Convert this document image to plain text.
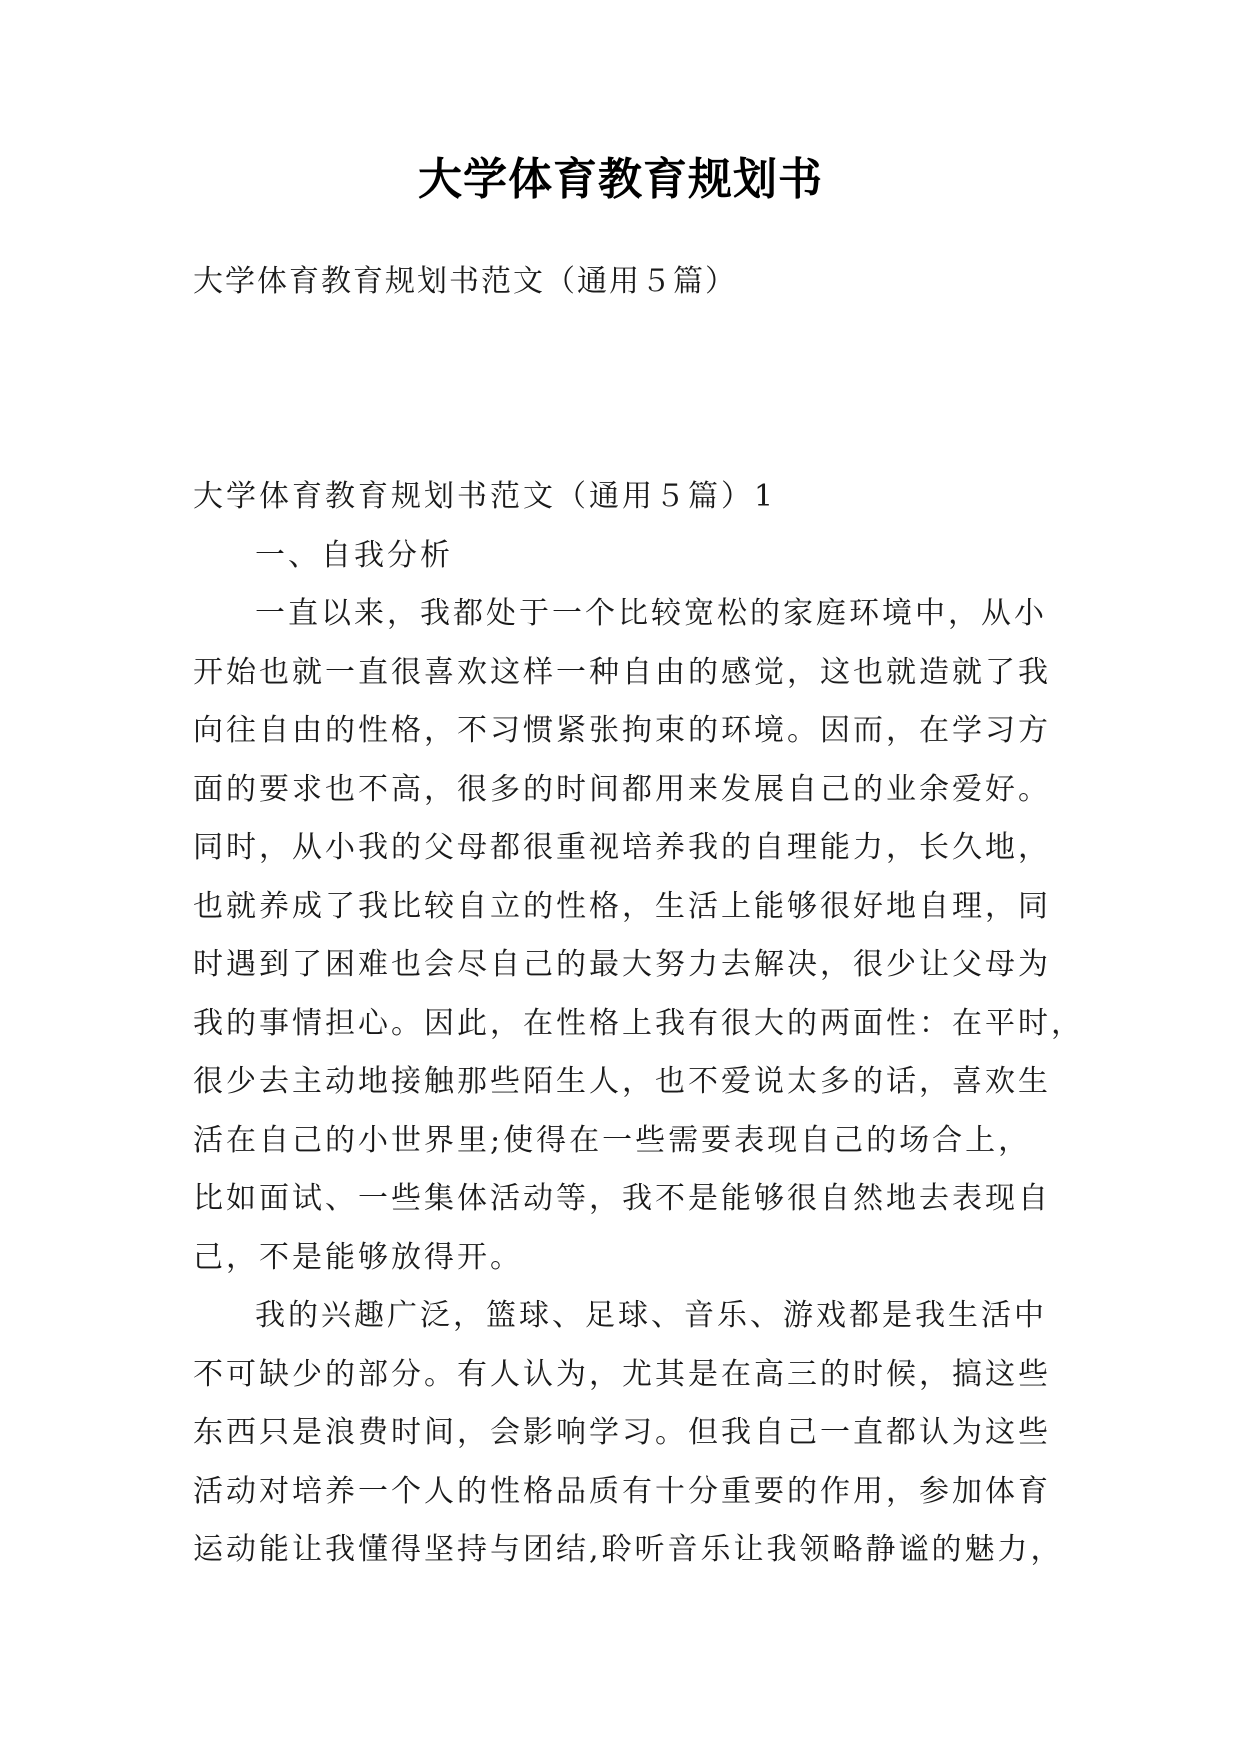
大学体育教育规划书
大学体育教育规划书范文（通用５篇）
大学体育教育规划书范文（通用５篇）1
一、自我分析
一直以来，我都处于一个比较宽松的家庭环境中，从小
开始也就一直很喜欢这样一种自由的感觉，这也就造就了我
向往自由的性格，不习惯紧张拘束的环境。因而，在学习方
面的要求也不高，很多的时间都用来发展自己的业余爱好。
同时，从小我的父母都很重视培养我的自理能力，长久地，
也就养成了我比较自立的性格，生活上能够很好地自理，同
时遇到了困难也会尽自己的最大努力去解决，很少让父母为
我的事情担心。因此，在性格上我有很大的两面性：在平时，
很少去主动地接触那些陌生人，也不爱说太多的话，喜欢生
活在自己的小世界里;使得在一些需要表现自己的场合上，
比如面试、一些集体活动等，我不是能够很自然地去表现自
己，不是能够放得开。
我的兴趣广泛，篮球、足球、音乐、游戏都是我生活中
不可缺少的部分。有人认为，尤其是在高三的时候，搞这些
东西只是浪费时间，会影响学习。但我自己一直都认为这些
活动对培养一个人的性格品质有十分重要的作用，参加体育
运动能让我懂得坚持与团结,聆听音乐让我领略静谧的魅力，
